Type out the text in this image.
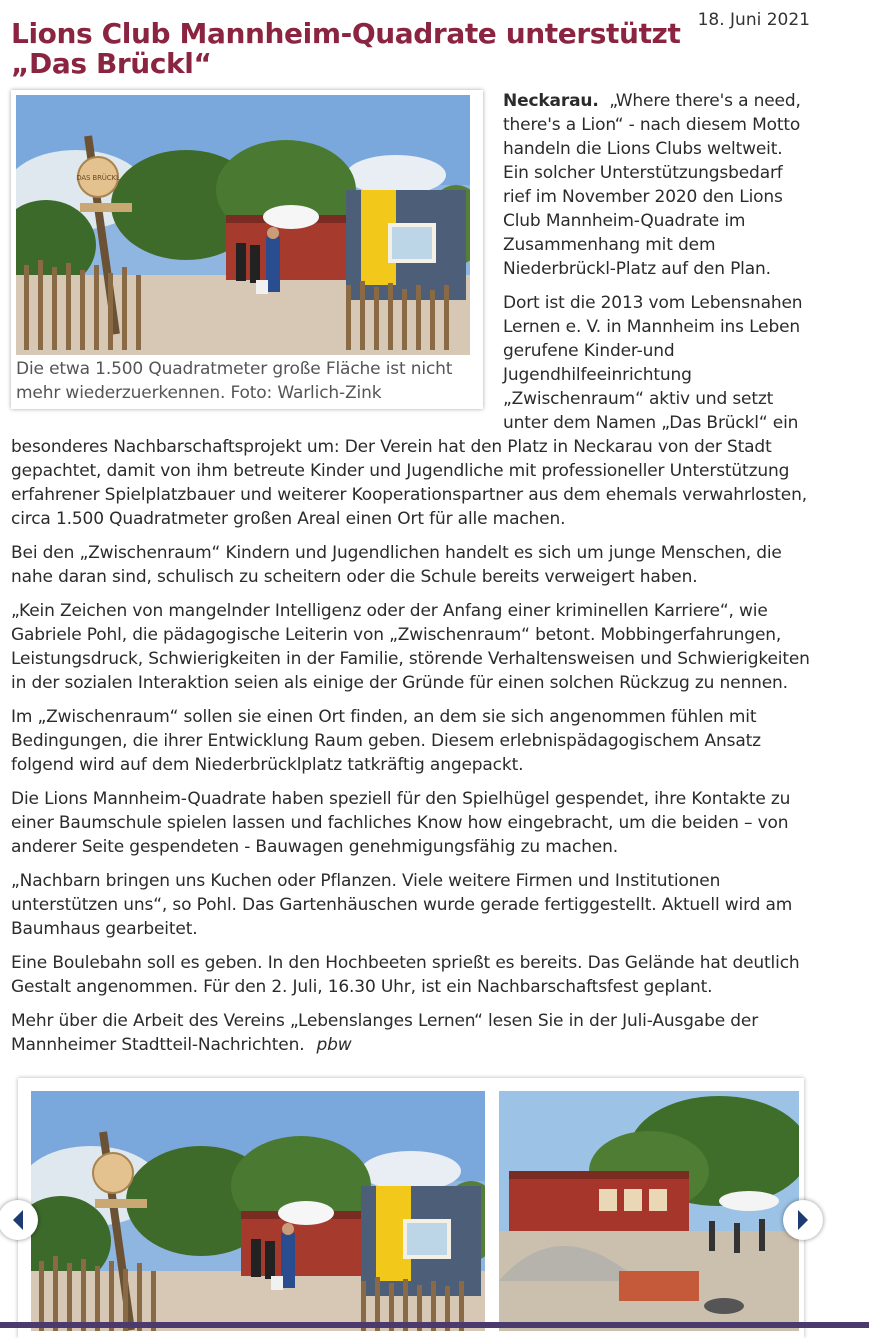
18. Juni 2021
Lions Club Mannheim-Quadrate unterstützt „Das Brückl“
DAS BRÜCKL
Die etwa 1.500 Quadratmeter große Fläche ist nicht mehr wiederzuerkennen. Foto: Warlich-Zink

Neckarau. „Where there's a need, there's a Lion“ - nach diesem Motto handeln die Lions Clubs weltweit. Ein solcher Unterstützungsbedarf rief im November 2020 den Lions Club Mannheim-Quadrate im Zusammenhang mit dem Niederbrückl-Platz auf den Plan.

Dort ist die 2013 vom Lebensnahen Lernen e. V. in Mannheim ins Leben gerufene Kinder-und Jugendhilfeeinrichtung „Zwischenraum“ aktiv und setzt unter dem Namen „Das Brückl“ ein besonderes Nachbarschaftsprojekt um: Der Verein hat den Platz in Neckarau von der Stadt gepachtet, damit von ihm betreute Kinder und Jugendliche mit professioneller Unterstützung erfahrener Spielplatzbauer und weiterer Kooperationspartner aus dem ehemals verwahrlosten, circa 1.500 Quadratmeter großen Areal einen Ort für alle machen.

Bei den „Zwischenraum“ Kindern und Jugendlichen handelt es sich um junge Menschen, die nahe daran sind, schulisch zu scheitern oder die Schule bereits verweigert haben.

„Kein Zeichen von mangelnder Intelligenz oder der Anfang einer kriminellen Karriere“, wie Gabriele Pohl, die pädagogische Leiterin von „Zwischenraum“ betont. Mobbingerfahrungen, Leistungsdruck, Schwierigkeiten in der Familie, störende Verhaltensweisen und Schwierigkeiten in der sozialen Interaktion seien als einige der Gründe für einen solchen Rückzug zu nennen.

Im „Zwischenraum“ sollen sie einen Ort finden, an dem sie sich angenommen fühlen mit Bedingungen, die ihrer Entwicklung Raum geben. Diesem erlebnispädagogischem Ansatz folgend wird auf dem Niederbrücklplatz tatkräftig angepackt.

Die Lions Mannheim-Quadrate haben speziell für den Spielhügel gespendet, ihre Kontakte zu einer Baumschule spielen lassen und fachliches Know how eingebracht, um die beiden – von anderer Seite gespendeten - Bauwagen genehmigungsfähig zu machen.

„Nachbarn bringen uns Kuchen oder Pflanzen. Viele weitere Firmen und Institutionen unterstützen uns“, so Pohl. Das Gartenhäuschen wurde gerade fertiggestellt. Aktuell wird am Baumhaus gearbeitet.

Eine Boulebahn soll es geben. In den Hochbeeten sprießt es bereits. Das Gelände hat deutlich Gestalt angenommen. Für den 2. Juli, 16.30 Uhr, ist ein Nachbarschaftsfest geplant.

Mehr über die Arbeit des Vereins „Lebenslanges Lernen“ lesen Sie in der Juli-Ausgabe der Mannheimer Stadtteil-Nachrichten. pbw
